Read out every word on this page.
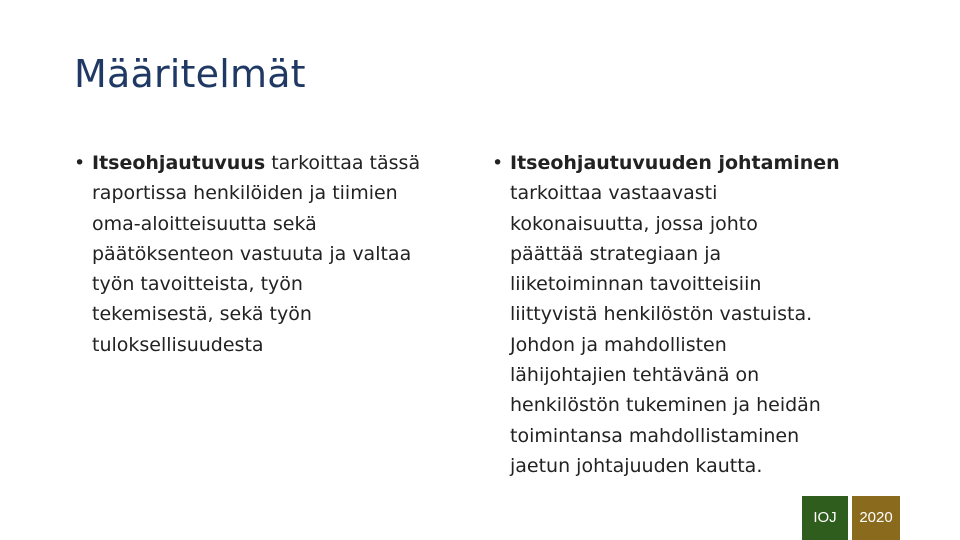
Määritelmät
• Itseohjautuvuus tarkoittaa tässä
raportissa henkilöiden ja tiimien
oma-aloitteisuutta sekä
päätöksenteon vastuuta ja valtaa
työn tavoitteista, työn
tekemisestä, sekä työn
tuloksellisuudesta
• Itseohjautuvuuden johtaminen
tarkoittaa vastaavasti
kokonaisuutta, jossa johto
päättää strategiaan ja
liiketoiminnan tavoitteisiin
liittyvistä henkilöstön vastuista.
Johdon ja mahdollisten
lähijohtajien tehtävänä on
henkilöstön tukeminen ja heidän
toimintansa mahdollistaminen
jaetun johtajuuden kautta.
IOJ	2020
